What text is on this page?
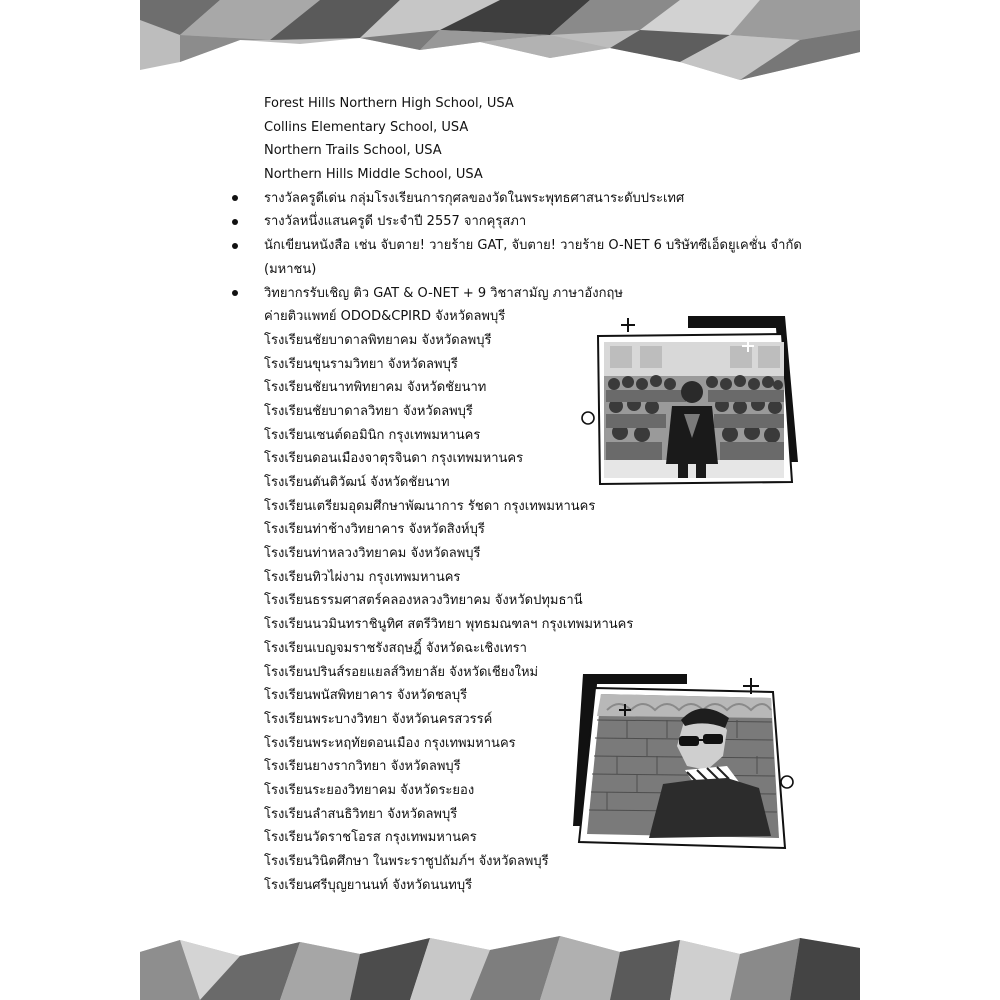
Forest Hills Northern High School, USA
Collins Elementary School, USA
Northern Trails School, USA
Northern Hills Middle School, USA
รางวัลครูดีเด่น กลุ่มโรงเรียนการกุศลของวัดในพระพุทธศาสนาระดับประเทศ
รางวัลหนึ่งแสนครูดี ประจำปี 2557 จากคุรุสภา
นักเขียนหนังสือ เช่น จับตาย! วายร้าย GAT, จับตาย! วายร้าย O-NET 6 บริษัทซีเอ็ดยูเคชั่น จำกัด
(มหาชน)
วิทยากรรับเชิญ ติว GAT & O-NET + 9 วิชาสามัญ ภาษาอังกฤษ
ค่ายติวแพทย์ ODOD&CPIRD จังหวัดลพบุรี
โรงเรียนชัยบาดาลพิทยาคม จังหวัดลพบุรี
โรงเรียนขุนรามวิทยา จังหวัดลพบุรี
โรงเรียนชัยนาทพิทยาคม จังหวัดชัยนาท
โรงเรียนชัยบาดาลวิทยา จังหวัดลพบุรี
โรงเรียนเซนต์ดอมินิก กรุงเทพมหานคร
โรงเรียนดอนเมืองจาตุรจินดา กรุงเทพมหานคร
โรงเรียนตันติวัฒน์ จังหวัดชัยนาท
โรงเรียนเตรียมอุดมศึกษาพัฒนาการ รัชดา กรุงเทพมหานคร
โรงเรียนท่าช้างวิทยาคาร จังหวัดสิงห์บุรี
โรงเรียนท่าหลวงวิทยาคม จังหวัดลพบุรี
โรงเรียนทิวไผ่งาม กรุงเทพมหานคร
โรงเรียนธรรมศาสตร์คลองหลวงวิทยาคม จังหวัดปทุมธานี
โรงเรียนนวมินทราชินูทิศ สตรีวิทยา พุทธมณฑลฯ กรุงเทพมหานคร
โรงเรียนเบญจมราชรังสฤษฎิ์ จังหวัดฉะเชิงเทรา
โรงเรียนปรินส์รอยแยลส์วิทยาลัย จังหวัดเชียงใหม่
โรงเรียนพนัสพิทยาคาร จังหวัดชลบุรี
โรงเรียนพระบางวิทยา จังหวัดนครสวรรค์
โรงเรียนพระหฤทัยดอนเมือง กรุงเทพมหานคร
โรงเรียนยางรากวิทยา จังหวัดลพบุรี
โรงเรียนระยองวิทยาคม จังหวัดระยอง
โรงเรียนลำสนธิวิทยา จังหวัดลพบุรี
โรงเรียนวัดราชโอรส กรุงเทพมหานคร
โรงเรียนวินิตศึกษา ในพระราชูปถัมภ์ฯ จังหวัดลพบุรี
โรงเรียนศรีบุญยานนท์ จังหวัดนนทบุรี
